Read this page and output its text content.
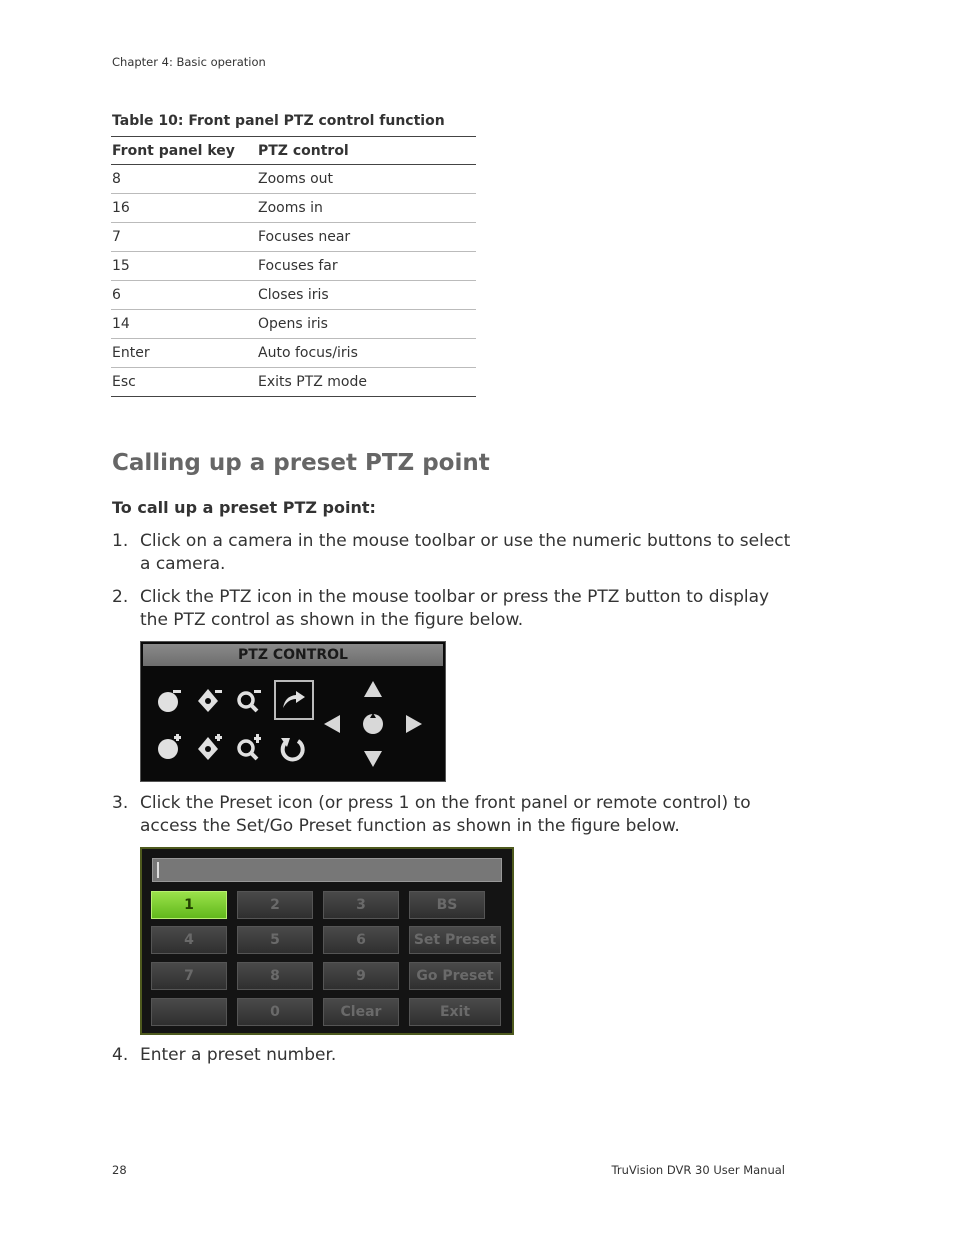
Chapter 4: Basic operation
Table 10: Front panel PTZ control function
Front panel key	PTZ control
8	Zooms out
16	Zooms in
7	Focuses near
15	Focuses far
6	Closes iris
14	Opens iris
Enter	Auto focus/iris
Esc	Exits PTZ mode
Calling up a preset PTZ point
To call up a preset PTZ point:
1. Click on a camera in the mouse toolbar or use the numeric buttons to select a camera.
2. Click the PTZ icon in the mouse toolbar or press the PTZ button to display the PTZ control as shown in the figure below.
PTZ CONTROL
3. Click the Preset icon (or press 1 on the front panel or remote control) to access the Set/Go Preset function as shown in the figure below.
1	2	3	BS
4	5	6	Set Preset
7	8	9	Go Preset
0	Clear	Exit
4. Enter a preset number.
28	TruVision DVR 30 User Manual
